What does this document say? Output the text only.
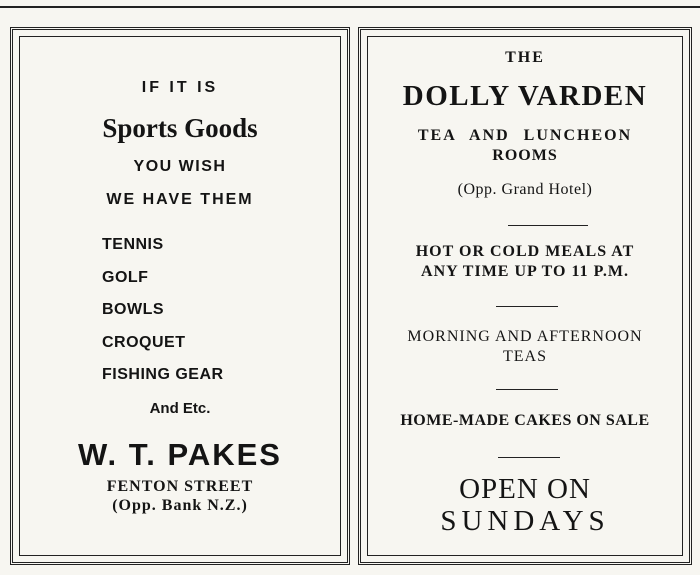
IF IT IS

Sports Goods

YOU WISH

WE HAVE THEM

TENNIS
GOLF
BOWLS
CROQUET
FISHING GEAR

And Etc.

W. T. PAKES

FENTON STREET

(Opp. Bank N.Z.)

THE

DOLLY VARDEN

TEA AND LUNCHEON

ROOMS

(Opp. Grand Hotel)

HOT OR COLD MEALS AT

ANY TIME UP TO 11 P.M.

MORNING AND AFTERNOON

TEAS

HOME-MADE CAKES ON SALE

OPEN ON

SUNDAYS
